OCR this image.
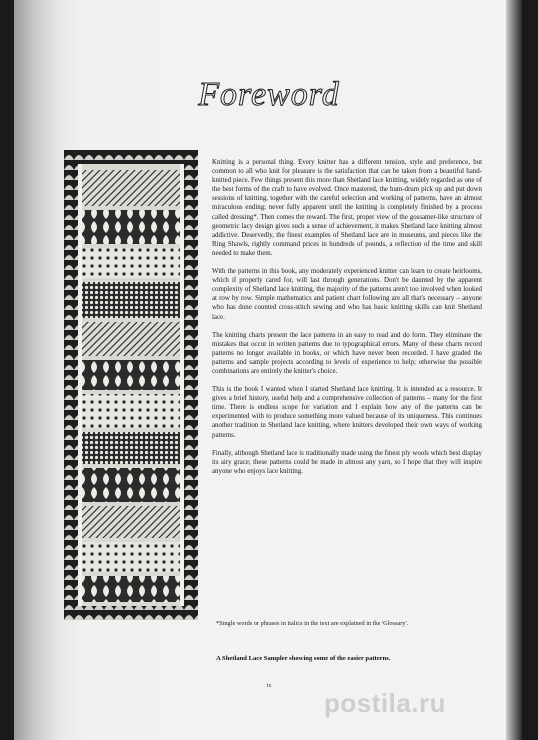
Foreword

Knitting is a personal thing. Every knitter has a different tension, style and preference, but common to all who knit for pleasure is the satisfaction that can be taken from a beautiful hand-knitted piece. Few things present this more than Shetland lace knitting, widely regarded as one of the best forms of the craft to have evolved. Once mastered, the hum-drum pick up and put down sessions of knitting, together with the careful selection and working of patterns, have an almost miraculous ending; never fully apparent until the knitting is completely finished by a process called dressing*. Then comes the reward. The first, proper view of the gossamer-like structure of geometric lacy design gives such a sense of achievement, it makes Shetland lace knitting almost addictive. Deservedly, the finest examples of Shetland lace are in museums, and pieces like the Ring Shawls, rightly command prices in hundreds of pounds, a reflection of the time and skill needed to make them.

With the patterns in this book, any moderately experienced knitter can learn to create heirlooms, which if properly cared for, will last through generations. Don't be daunted by the apparent complexity of Shetland lace knitting, the majority of the patterns aren't too involved when looked at row by row. Simple mathematics and patient chart following are all that's necessary – anyone who has done counted cross-stitch sewing and who has basic knitting skills can knit Shetland lace.

The knitting charts present the lace patterns in an easy to read and do form. They eliminate the mistakes that occur in written patterns due to typographical errors. Many of these charts record patterns no longer available in books, or which have never been recorded. I have graded the patterns and sample projects according to levels of experience to help; otherwise the possible combinations are entirely the knitter's choice.

This is the book I wanted when I started Shetland lace knitting. It is intended as a resource. It gives a brief history, useful help and a comprehensive collection of patterns – many for the first time. There is endless scope for variation and I explain how any of the patterns can be experimented with to produce something more valued because of its uniqueness. This continues another tradition in Shetland lace knitting, where knitters developed their own ways of working patterns.

Finally, although Shetland lace is traditionally made using the finest ply wools which best display its airy grace; these patterns could be made in almost any yarn, so I hope that they will inspire anyone who enjoys lace knitting.

*Single words or phrases in italics in the text are explained in the 'Glossary'.
A Shetland Lace Sampler showing some of the easier patterns.
ix
postila.ru
